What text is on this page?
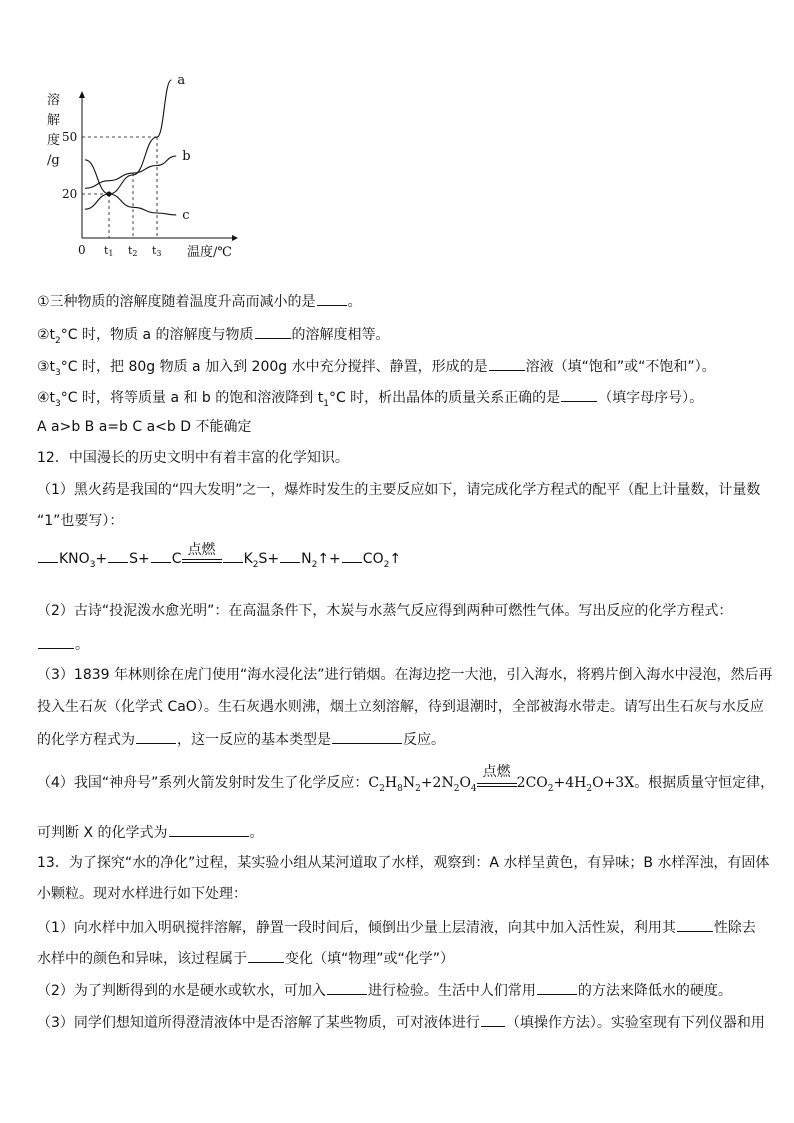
a
b
c
50
20
0 t1 t2 t3 温度/℃
溶
解
度
/g
①三种物质的溶解度随着温度升高而减小的是 。
$②t_2^\circ C$ 时，物质 a 的溶解度与物质	的溶解度相等。
$③t_3^\circ C$ 时，把 80g 物质 a 加入到 200g 水中充分搅拌、静置，形成的是	溶液（填“饱和”或“不饱和”）。
$④t_3^\circ C$ 时，将等质量 a 和 b 的饱和溶液降到 $t_1^\circ C$ 时，析出晶体的质量关系正确的是	（填字母序号）。
A a>b B a=b C a<b D 不能确定
12．中国漫长的历史文明中有着丰富的化学知识。
（1）黑火药是我国的“四大发明”之一，爆炸时发生的主要反应如下，请完成化学方程式的配平（配上计量数，计量数
“1”也要写）：
$KNO_3+ S+ C$
点燃
$K_2S+$ $N_2↑+$ $CO_2↑$
（2）古诗“投泥泼水愈光明”：在高温条件下，木炭与水蒸气反应得到两种可燃性气体。写出反应的化学方程式：
。
（3）1839 年林则徐在虎门使用“海水浸化法”进行销烟。在海边挖一大池，引入海水，将鸦片倒入海水中浸泡，然后再
投入生石灰（化学式 CaO）。生石灰遇水则沸，烟土立刻溶解，待到退潮时，全部被海水带走。请写出生石灰与水反应
的化学方程式为	，这一反应的基本类型是	反应。
（4）我国“神舟号”系列火箭发射时发生了化学反应：$C_2H_8N_2+2N_2O_4$
点燃
$2CO_2+4H_2O+3X$。根据质量守恒定律，
可判断 X 的化学式为	。
13．为了探究“水的净化”过程，某实验小组从某河道取了水样，观察到：A 水样呈黄色，有异味；B 水样浑浊，有固体
小颗粒。现对水样进行如下处理：
（1）向水样中加入明矾搅拌溶解，静置一段时间后，倾倒出少量上层清液，向其中加入活性炭，利用其	性除去
水样中的颜色和异味，该过程属于	变化（填“物理”或“化学”）
（2）为了判断得到的水是硬水或软水，可加入	进行检验。生活中人们常用	的方法来降低水的硬度。
（3）同学们想知道所得澄清液体中是否溶解了某些物质，可对液体进行 （填操作方法）。实验室现有下列仪器和用
